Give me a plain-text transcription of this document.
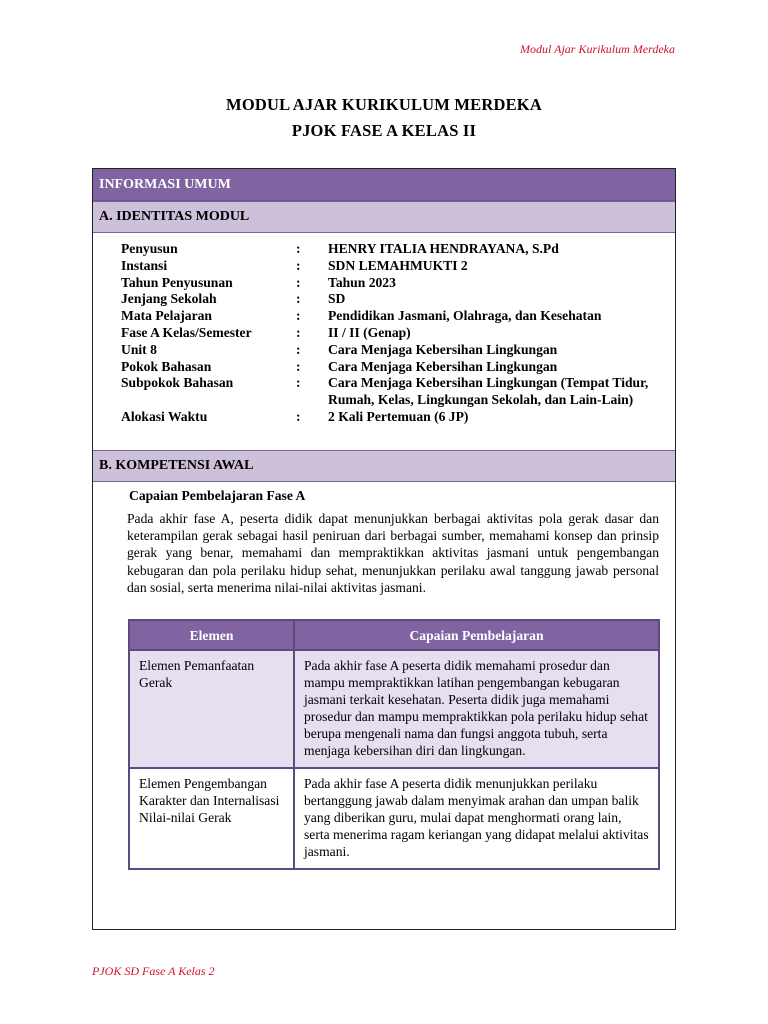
Modul Ajar Kurikulum Merdeka
MODUL AJAR KURIKULUM MERDEKA
PJOK FASE A KELAS II
INFORMASI UMUM
A. IDENTITAS MODUL
Penyusun	:	HENRY ITALIA HENDRAYANA, S.Pd
Instansi	:	SDN LEMAHMUKTI 2
Tahun Penyusunan	:	Tahun 2023
Jenjang Sekolah	:	SD
Mata Pelajaran	:	Pendidikan Jasmani, Olahraga, dan Kesehatan
Fase A Kelas/Semester	:	II / II (Genap)
Unit 8	:	Cara Menjaga Kebersihan Lingkungan
Pokok Bahasan	:	Cara Menjaga Kebersihan Lingkungan
Subpokok Bahasan	:	Cara Menjaga Kebersihan Lingkungan (Tempat Tidur, Rumah, Kelas, Lingkungan Sekolah, dan Lain-Lain)
Alokasi Waktu	:	2 Kali Pertemuan (6 JP)
B. KOMPETENSI AWAL
Capaian Pembelajaran Fase A
Pada akhir fase A, peserta didik dapat menunjukkan berbagai aktivitas pola gerak dasar dan keterampilan gerak sebagai hasil peniruan dari berbagai sumber, memahami konsep dan prinsip gerak yang benar, memahami dan mempraktikkan aktivitas jasmani untuk pengembangan kebugaran dan pola perilaku hidup sehat, menunjukkan perilaku awal tanggung jawab personal dan sosial, serta menerima nilai-nilai aktivitas jasmani.
Elemen	Capaian Pembelajaran
Elemen Pemanfaatan Gerak	Pada akhir fase A peserta didik memahami prosedur dan mampu mempraktikkan latihan pengembangan kebugaran jasmani terkait kesehatan. Peserta didik juga memahami prosedur dan mampu mempraktikkan pola perilaku hidup sehat berupa mengenali nama dan fungsi anggota tubuh, serta menjaga kebersihan diri dan lingkungan.
Elemen Pengembangan Karakter dan Internalisasi Nilai-nilai Gerak	Pada akhir fase A peserta didik menunjukkan perilaku bertanggung jawab dalam menyimak arahan dan umpan balik yang diberikan guru, mulai dapat menghormati orang lain, serta menerima ragam keriangan yang didapat melalui aktivitas jasmani.
PJOK SD Fase A Kelas 2
